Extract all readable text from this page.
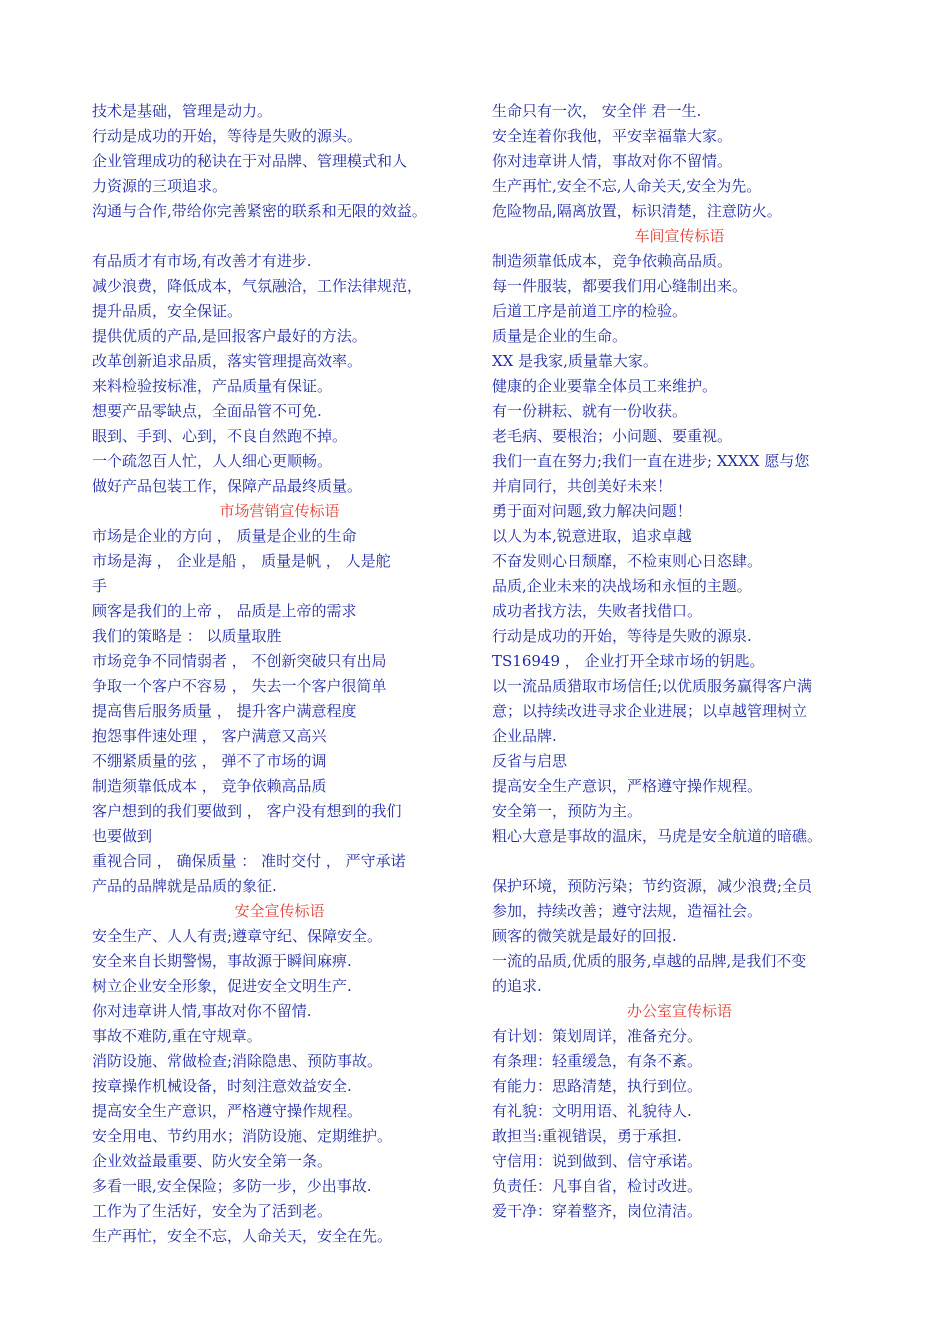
技术是基础，管理是动力。
行动是成功的开始，等待是失败的源头。
企业管理成功的秘诀在于对品牌、管理模式和人
力资源的三项追求。
沟通与合作,带给你完善紧密的联系和无限的效益。
有品质才有市场,有改善才有进步.
减少浪费，降低成本，气氛融洽，工作法律规范，
提升品质，安全保证。
提供优质的产品,是回报客户最好的方法。
改革创新追求品质，落实管理提高效率。
来料检验按标准，产品质量有保证。
想要产品零缺点，全面品管不可免.
眼到、手到、心到，不良自然跑不掉。
一个疏忽百人忙，人人细心更顺畅。
做好产品包装工作，保障产品最终质量。
市场营销宣传标语
市场是企业的方向 ， 质量是企业的生命
市场是海 ， 企业是船 ， 质量是帆 ， 人是舵
手
顾客是我们的上帝 ， 品质是上帝的需求
我们的策略是 ： 以质量取胜
市场竞争不同情弱者 ， 不创新突破只有出局
争取一个客户不容易 ， 失去一个客户很简单
提高售后服务质量 ， 提升客户满意程度
抱怨事件速处理 ， 客户满意又高兴
不绷紧质量的弦 ， 弹不了市场的调
制造须靠低成本 ， 竞争依赖高品质
客户想到的我们要做到 ， 客户没有想到的我们
也要做到
重视合同 ， 确保质量 ： 准时交付 ， 严守承诺
产品的品牌就是品质的象征.
安全宣传标语
安全生产、人人有责;遵章守纪、保障安全。
安全来自长期警惕，事故源于瞬间麻痹.
树立企业安全形象，促进安全文明生产.
你对违章讲人情,事故对你不留情.
事故不难防,重在守规章。
消防设施、常做检查;消除隐患、预防事故。
按章操作机械设备，时刻注意效益安全.
提高安全生产意识，严格遵守操作规程。
安全用电、节约用水；消防设施、定期维护。
企业效益最重要、防火安全第一条。
多看一眼,安全保险；多防一步，少出事故.
工作为了生活好，安全为了活到老。
生产再忙，安全不忘，人命关天，安全在先。
生命只有一次， 安全伴 君一生.
安全连着你我他，平安幸福靠大家。
你对违章讲人情，事故对你不留情。
生产再忙,安全不忘,人命关天,安全为先。
危险物品,隔离放置，标识清楚，注意防火。
车间宣传标语
制造须靠低成本，竞争依赖高品质。
每一件服装，都要我们用心缝制出来。
后道工序是前道工序的检验。
质量是企业的生命。
XX 是我家,质量靠大家。
健康的企业要靠全体员工来维护。
有一份耕耘、就有一份收获。
老毛病、要根治；小问题、要重视。
我们一直在努力;我们一直在进步; XXXX 愿与您
并肩同行，共创美好未来！
勇于面对问题,致力解决问题！
以人为本,锐意进取，追求卓越
不奋发则心日颓靡，不检束则心日恣肆。
品质,企业未来的决战场和永恒的主题。
成功者找方法，失败者找借口。
行动是成功的开始，等待是失败的源泉.
TS16949 ， 企业打开全球市场的钥匙。
以一流品质猎取市场信任;以优质服务赢得客户满
意；以持续改进寻求企业进展；以卓越管理树立
企业品牌.
反省与启思
提高安全生产意识，严格遵守操作规程。
安全第一，预防为主。
粗心大意是事故的温床，马虎是安全航道的暗礁。
保护环境，预防污染；节约资源，减少浪费;全员
参加，持续改善；遵守法规，造福社会。
顾客的微笑就是最好的回报.
一流的品质,优质的服务,卓越的品牌,是我们不变
的追求.
办公室宣传标语
有计划：策划周详，准备充分。
有条理：轻重缓急，有条不紊。
有能力：思路清楚，执行到位。
有礼貌：文明用语、礼貌待人.
敢担当:重视错误，勇于承担.
守信用：说到做到、信守承诺。
负责任：凡事自省，检讨改进。
爱干净：穿着整齐，岗位清洁。
